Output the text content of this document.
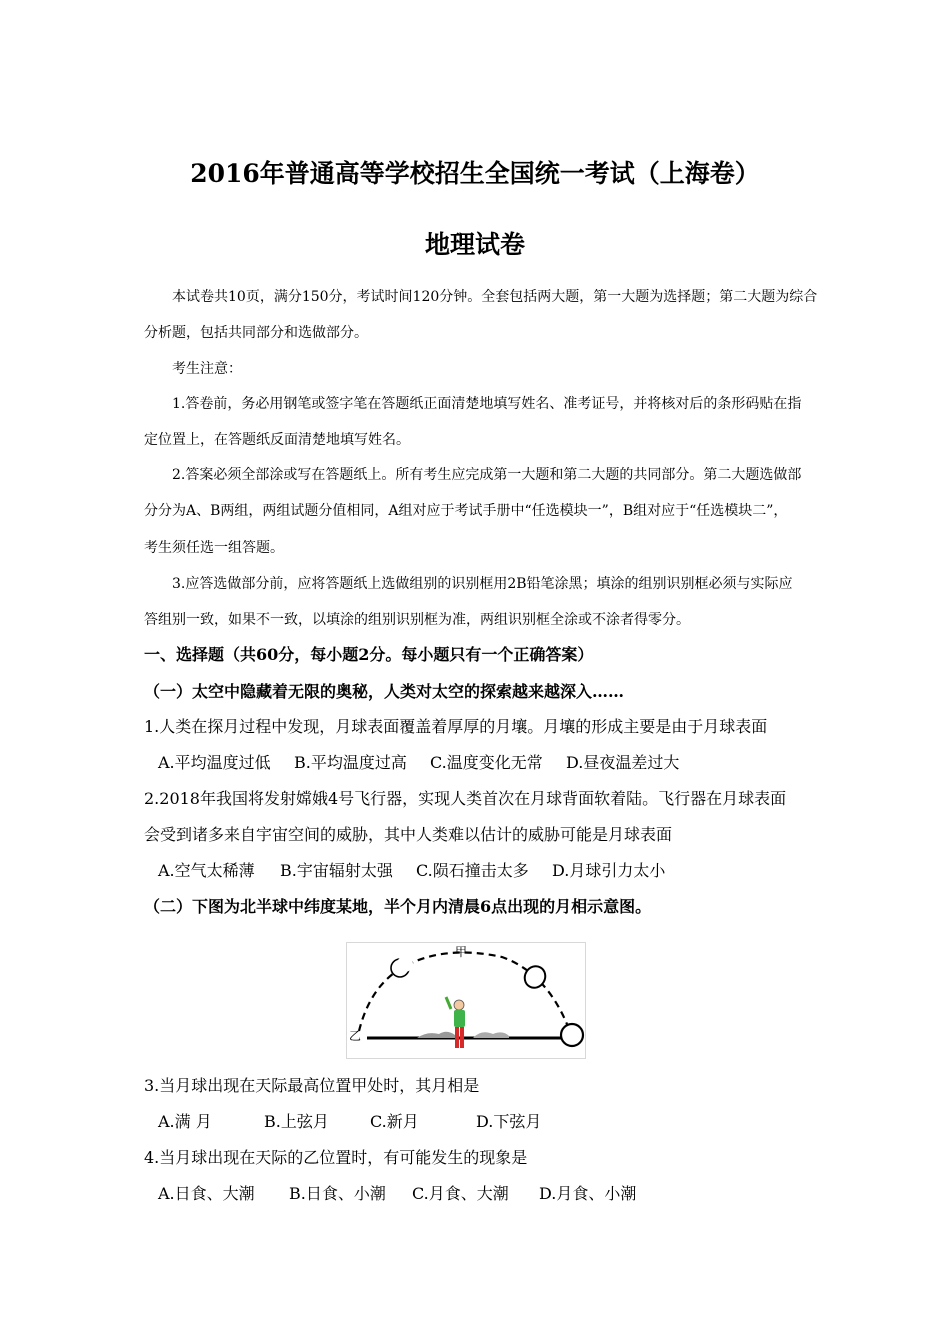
2016年普通高等学校招生全国统一考试（上海卷）
地理试卷
本试卷共10页，满分150分，考试时间120分钟。全套包括两大题，第一大题为选择题；第二大题为综合
分析题，包括共同部分和选做部分。
考生注意：
1.答卷前，务必用钢笔或签字笔在答题纸正面清楚地填写姓名、准考证号，并将核对后的条形码贴在指
定位置上，在答题纸反面清楚地填写姓名。
2.答案必须全部涂或写在答题纸上。所有考生应完成第一大题和第二大题的共同部分。第二大题选做部
分分为A、B两组，两组试题分值相同，A组对应于考试手册中“任选模块一”，B组对应于“任选模块二”，
考生须任选一组答题。
3.应答选做部分前，应将答题纸上选做组别的识别框用2B铅笔涂黑；填涂的组别识别框必须与实际应
答组别一致，如果不一致，以填涂的组别识别框为准，两组识别框全涂或不涂者得零分。
一、选择题（共60分，每小题2分。每小题只有一个正确答案）
（一）太空中隐藏着无限的奥秘，人类对太空的探索越来越深入……
1.人类在探月过程中发现，月球表面覆盖着厚厚的月壤。月壤的形成主要是由于月球表面
A.平均温度过低 B.平均温度过高 C.温度变化无常 D.昼夜温差过大
2.2018年我国将发射嫦娥4号飞行器，实现人类首次在月球背面软着陆。飞行器在月球表面
会受到诸多来自宇宙空间的威胁，其中人类难以估计的威胁可能是月球表面
A.空气太稀薄 B.宇宙辐射太强 C.陨石撞击太多 D.月球引力太小
（二）下图为北半球中纬度某地，半个月内清晨6点出现的月相示意图。
甲
乙
3.当月球出现在天际最高位置甲处时，其月相是
A.满 月	B.上弦月	C.新月	D.下弦月
4.当月球出现在天际的乙位置时，有可能发生的现象是
A.日食、大潮 B.日食、小潮 C.月食、大潮 D.月食、小潮
